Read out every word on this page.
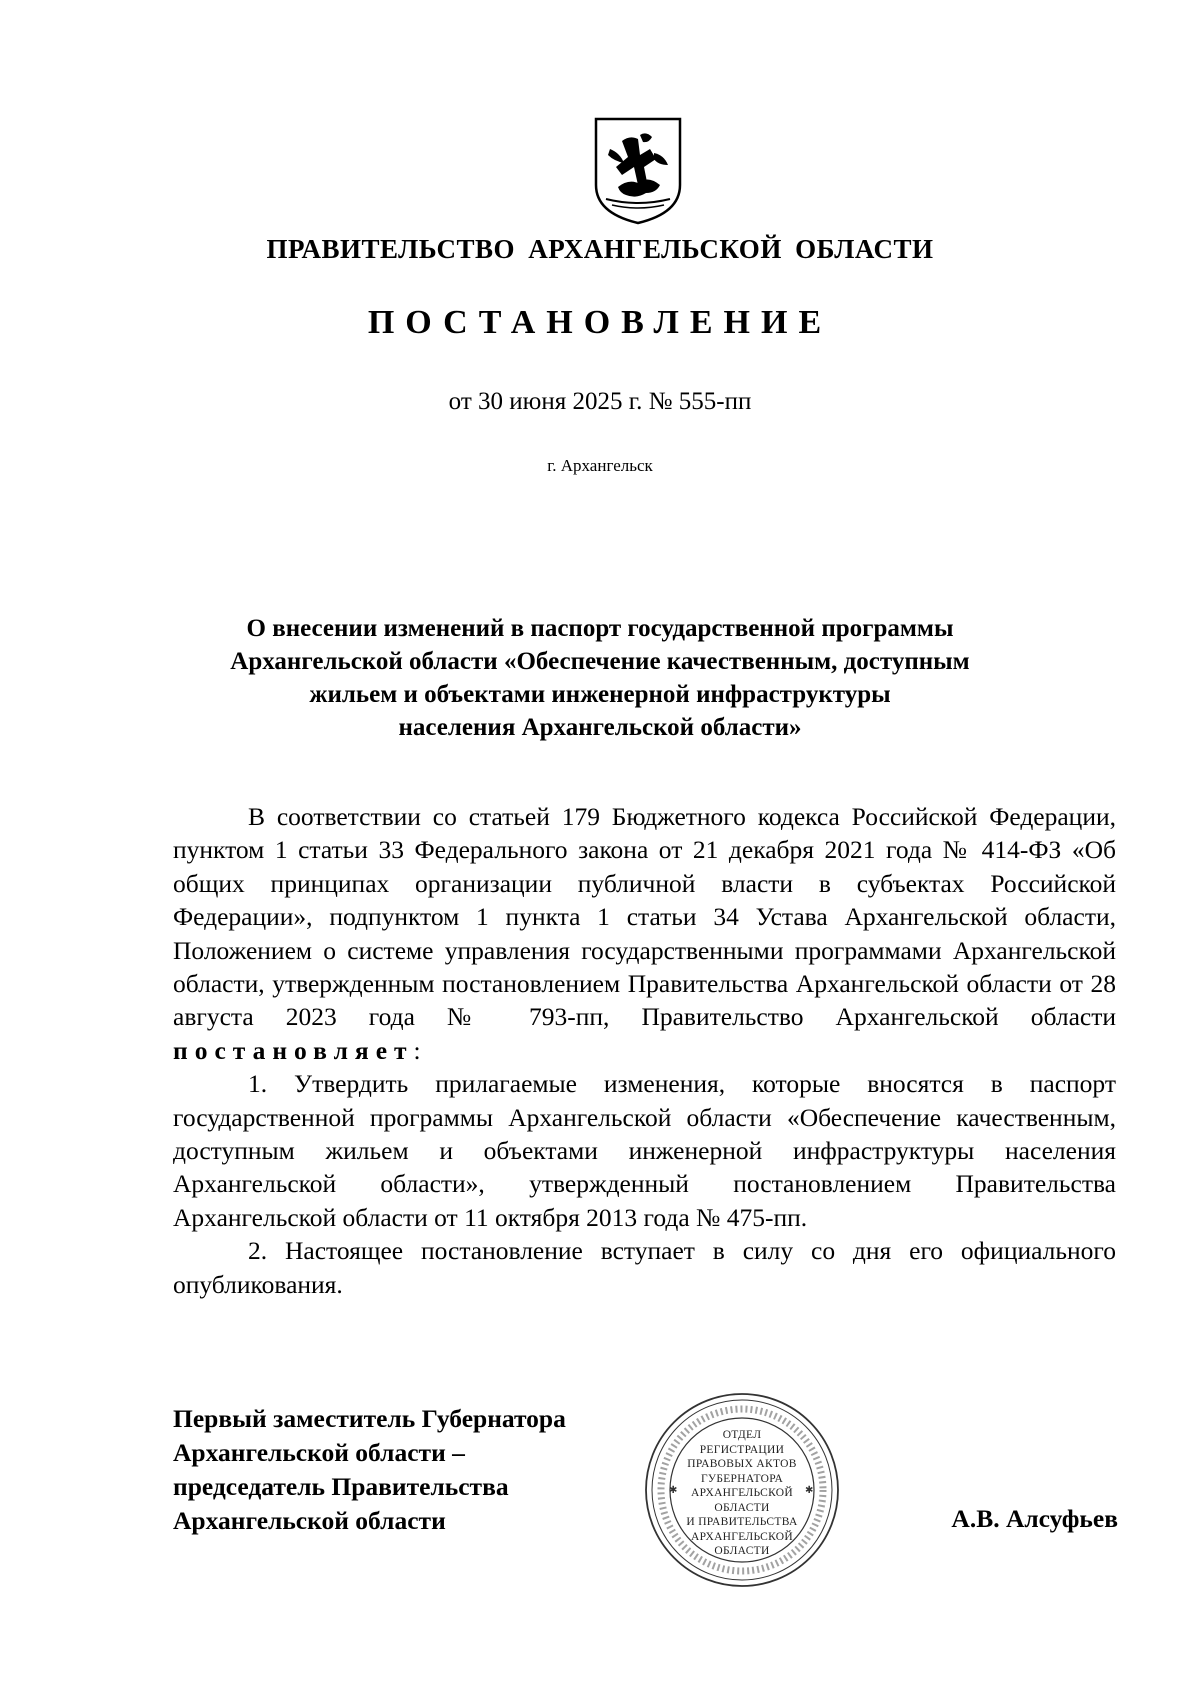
ПРАВИТЕЛЬСТВО АРХАНГЕЛЬСКОЙ ОБЛАСТИ
ПОСТАНОВЛЕНИЕ
от 30 июня 2025 г. № 555-пп
г. Архангельск
О внесении изменений в паспорт государственной программы
Архангельской области «Обеспечение качественным, доступным
жильем и объектами инженерной инфраструктуры
населения Архангельской области»

В соответствии со статьей 179 Бюджетного кодекса Российской Федерации, пунктом 1 статьи 33 Федерального закона от 21 декабря 2021 года № 414-ФЗ «Об общих принципах организации публичной власти в субъектах Российской Федерации», подпунктом 1 пункта 1 статьи 34 Устава Архангельской области, Положением о системе управления государственными программами Архангельской области, утвержденным постановлением Правительства Архангельской области от 28 августа 2023 года № 793-пп, Правительство Архангельской области постановляет:

1. Утвердить прилагаемые изменения, которые вносятся в паспорт государственной программы Архангельской области «Обеспечение качественным, доступным жильем и объектами инженерной инфраструктуры населения Архангельской области», утвержденный постановлением Правительства Архангельской области от 11 октября 2013 года № 475-пп.

2. Настоящее постановление вступает в силу со дня его официального опубликования.

Первый заместитель Губернатора
Архангельской области –
председатель Правительства
Архангельской области
✱	✱
ОТДЕЛ
РЕГИСТРАЦИИ
ПРАВОВЫХ АКТОВ
ГУБЕРНАТОРА
АРХАНГЕЛЬСКОЙ
ОБЛАСТИ
И ПРАВИТЕЛЬСТВА
АРХАНГЕЛЬСКОЙ
ОБЛАСТИ
А.В. Алсуфьев
